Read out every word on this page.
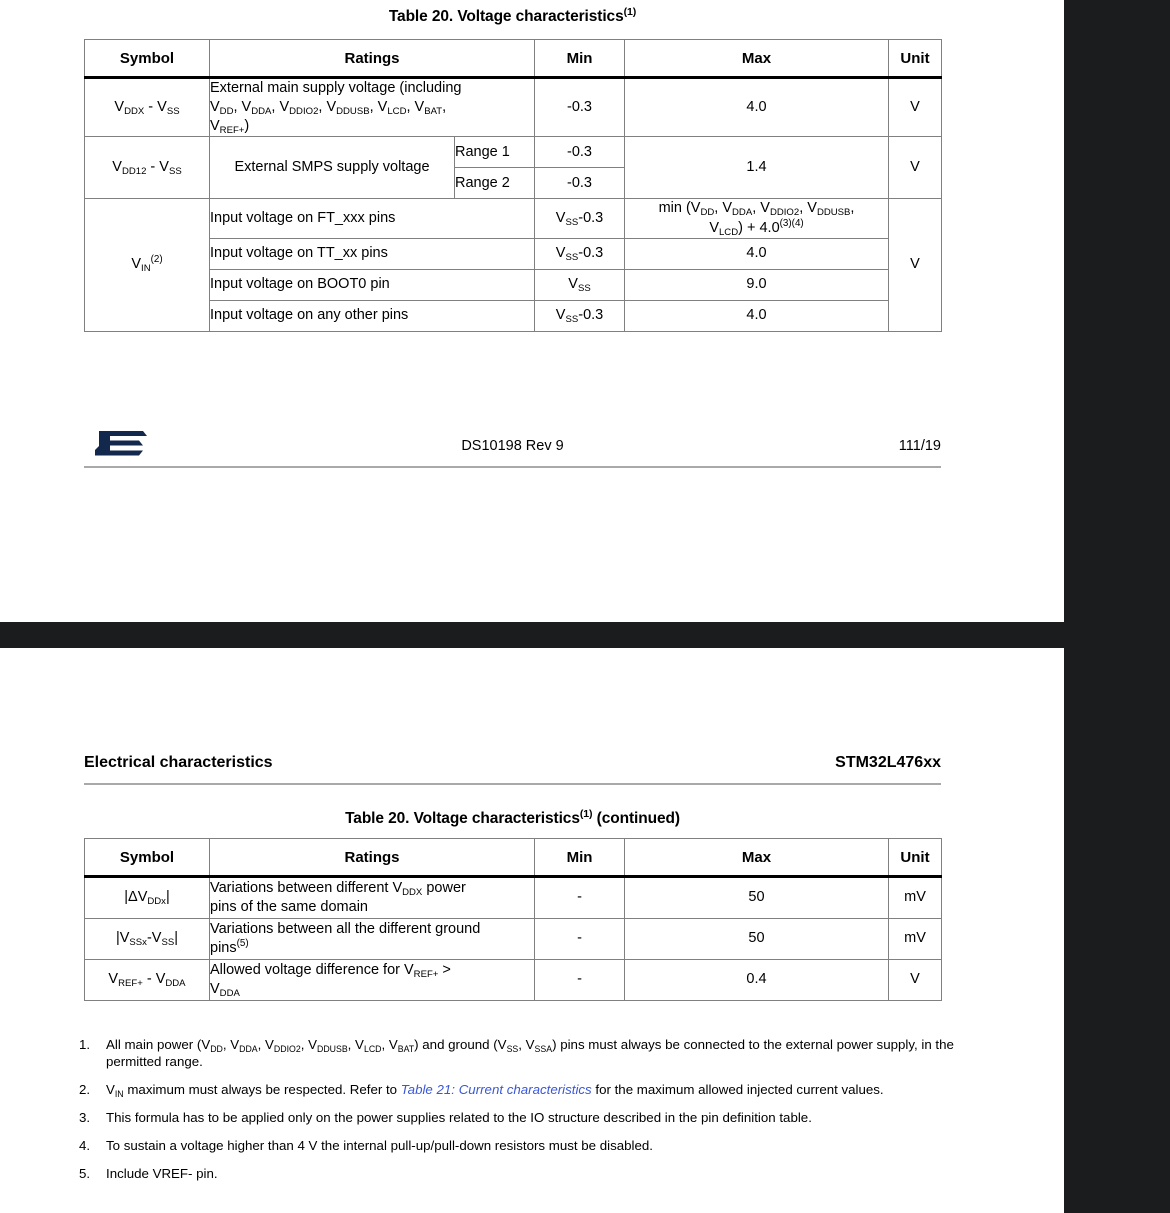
Table 20. Voltage characteristics$^{(1)}$
Symbol	Ratings		Min	Max	Unit
$V_{DDX} - V_{SS}$	External main supply voltage (including
$V_{DD}$, $V_{DDA}$, $V_{DDIO2}$, $V_{DDUSB}$, $V_{LCD}$, $V_{BAT}$,
$V_{REF+}$)		-0.3	4.0	V
$V_{DD12} - V_{SS}$	External SMPS supply voltage	Range 1	-0.3	1.4	V
		Range 2	-0.3		
$V_{IN}^{(2)}$	Input voltage on FT_xxx pins		$V_{SS}-0.3$	$\min (V_{DD}$, $V_{DDA}$, $V_{DDIO2}$, $V_{DDUSB}$,
$V_{LCD}) + 4.0^{(3)(4)}$	V
	Input voltage on TT_xx pins		$V_{SS}-0.3$	4.0	
	Input voltage on BOOT0 pin		$V_{SS}$	9.0	
	Input voltage on any other pins		$V_{SS}-0.3$	4.0	
DS10198 Rev 9	111/19
Electrical characteristics	STM32L476xx
Table 20. Voltage characteristics$^{(1)}$ (continued)
Symbol	Ratings	Min	Max	Unit
$|\Delta V_{DDx}|$	Variations between different $V_{DDX}$ power
pins of the same domain	-	50	mV
$|V_{SSx}-V_{SS}|$	Variations between all the different ground
pins$^{(5)}$	-	50	mV
$V_{REF+} - V_{DDA}$	Allowed voltage difference for $V_{REF+}$ >
$V_{DDA}$	-	0.4	V
1. All main power ($V_{DD}$, $V_{DDA}$, $V_{DDIO2}$, $V_{DDUSB}$, $V_{LCD}$, $V_{BAT}$) and ground ($V_{SS}$, $V_{SSA}$) pins must always be connected to the external power supply, in the permitted range.
2. $V_{IN}$ maximum must always be respected. Refer to Table 21: Current characteristics for the maximum allowed injected current values.
3. This formula has to be applied only on the power supplies related to the IO structure described in the pin definition table.
4. To sustain a voltage higher than 4 V the internal pull-up/pull-down resistors must be disabled.
5. Include VREF- pin.
